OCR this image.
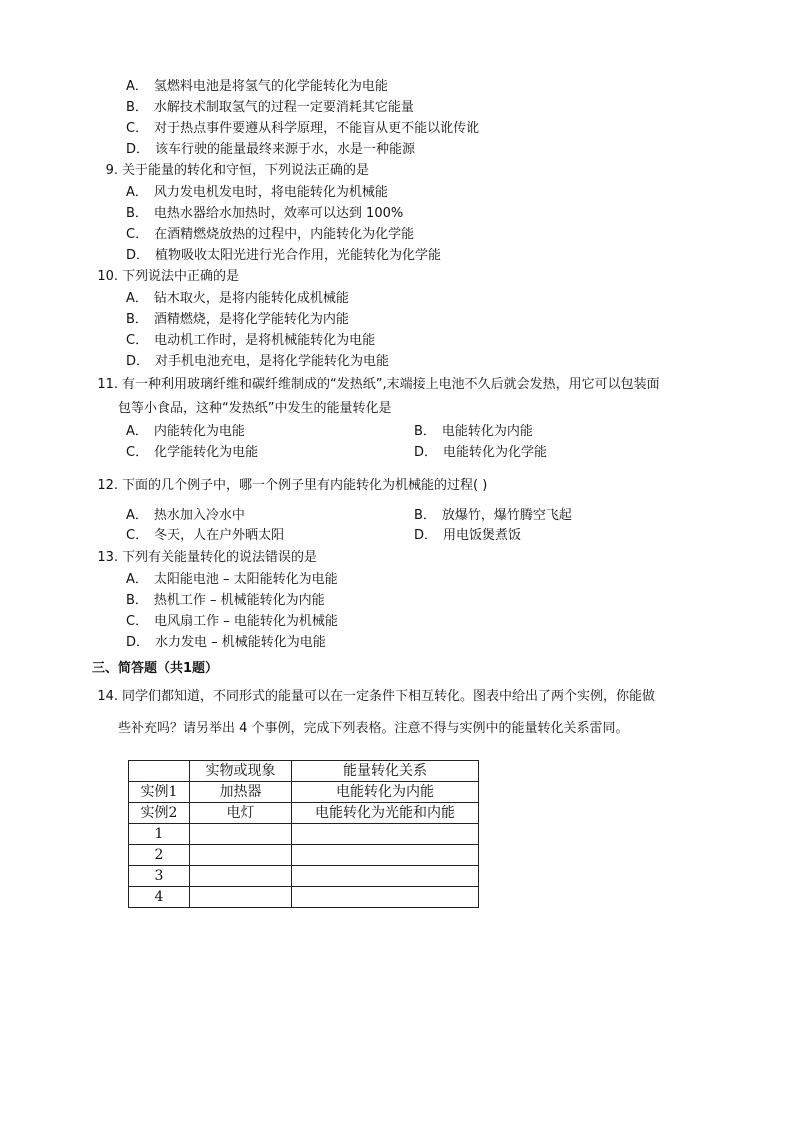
A． 氢燃料电池是将氢气的化学能转化为电能
B． 水解技术制取氢气的过程一定要消耗其它能量
C． 对于热点事件要遵从科学原理，不能盲从更不能以讹传讹
D． 该车行驶的能量最终来源于水，水是一种能源
9. 关于能量的转化和守恒，下列说法正确的是
A． 风力发电机发电时，将电能转化为机械能
B． 电热水器给水加热时，效率可以达到 100%
C． 在酒精燃烧放热的过程中，内能转化为化学能
D． 植物吸收太阳光进行光合作用，光能转化为化学能
10. 下列说法中正确的是
A． 钻木取火，是将内能转化成机械能
B． 酒精燃烧，是将化学能转化为内能
C． 电动机工作时，是将机械能转化为电能
D． 对手机电池充电，是将化学能转化为电能
11. 有一种利用玻璃纤维和碳纤维制成的“发热纸”,末端接上电池不久后就会发热，用它可以包装面
包等小食品，这种“发热纸”中发生的能量转化是
A． 内能转化为电能	B． 电能转化为内能
C． 化学能转化为电能	D． 电能转化为化学能
12. 下面的几个例子中，哪一个例子里有内能转化为机械能的过程( )
A． 热水加入冷水中	B． 放爆竹，爆竹腾空飞起
C． 冬天，人在户外晒太阳	D． 用电饭煲煮饭
13. 下列有关能量转化的说法错误的是
A． 太阳能电池 – 太阳能转化为电能
B． 热机工作 – 机械能转化为内能
C． 电风扇工作 – 电能转化为机械能
D． 水力发电 – 机械能转化为电能
三、简答题（共1题）
14. 同学们都知道，不同形式的能量可以在一定条件下相互转化。图表中给出了两个实例，你能做
些补充吗？请另举出 4 个事例，完成下列表格。注意不得与实例中的能量转化关系雷同。
	实物或现象	能量转化关系
实例1	加热器	电能转化为内能
实例2	电灯	电能转化为光能和内能
1		
2		
3		
4		
